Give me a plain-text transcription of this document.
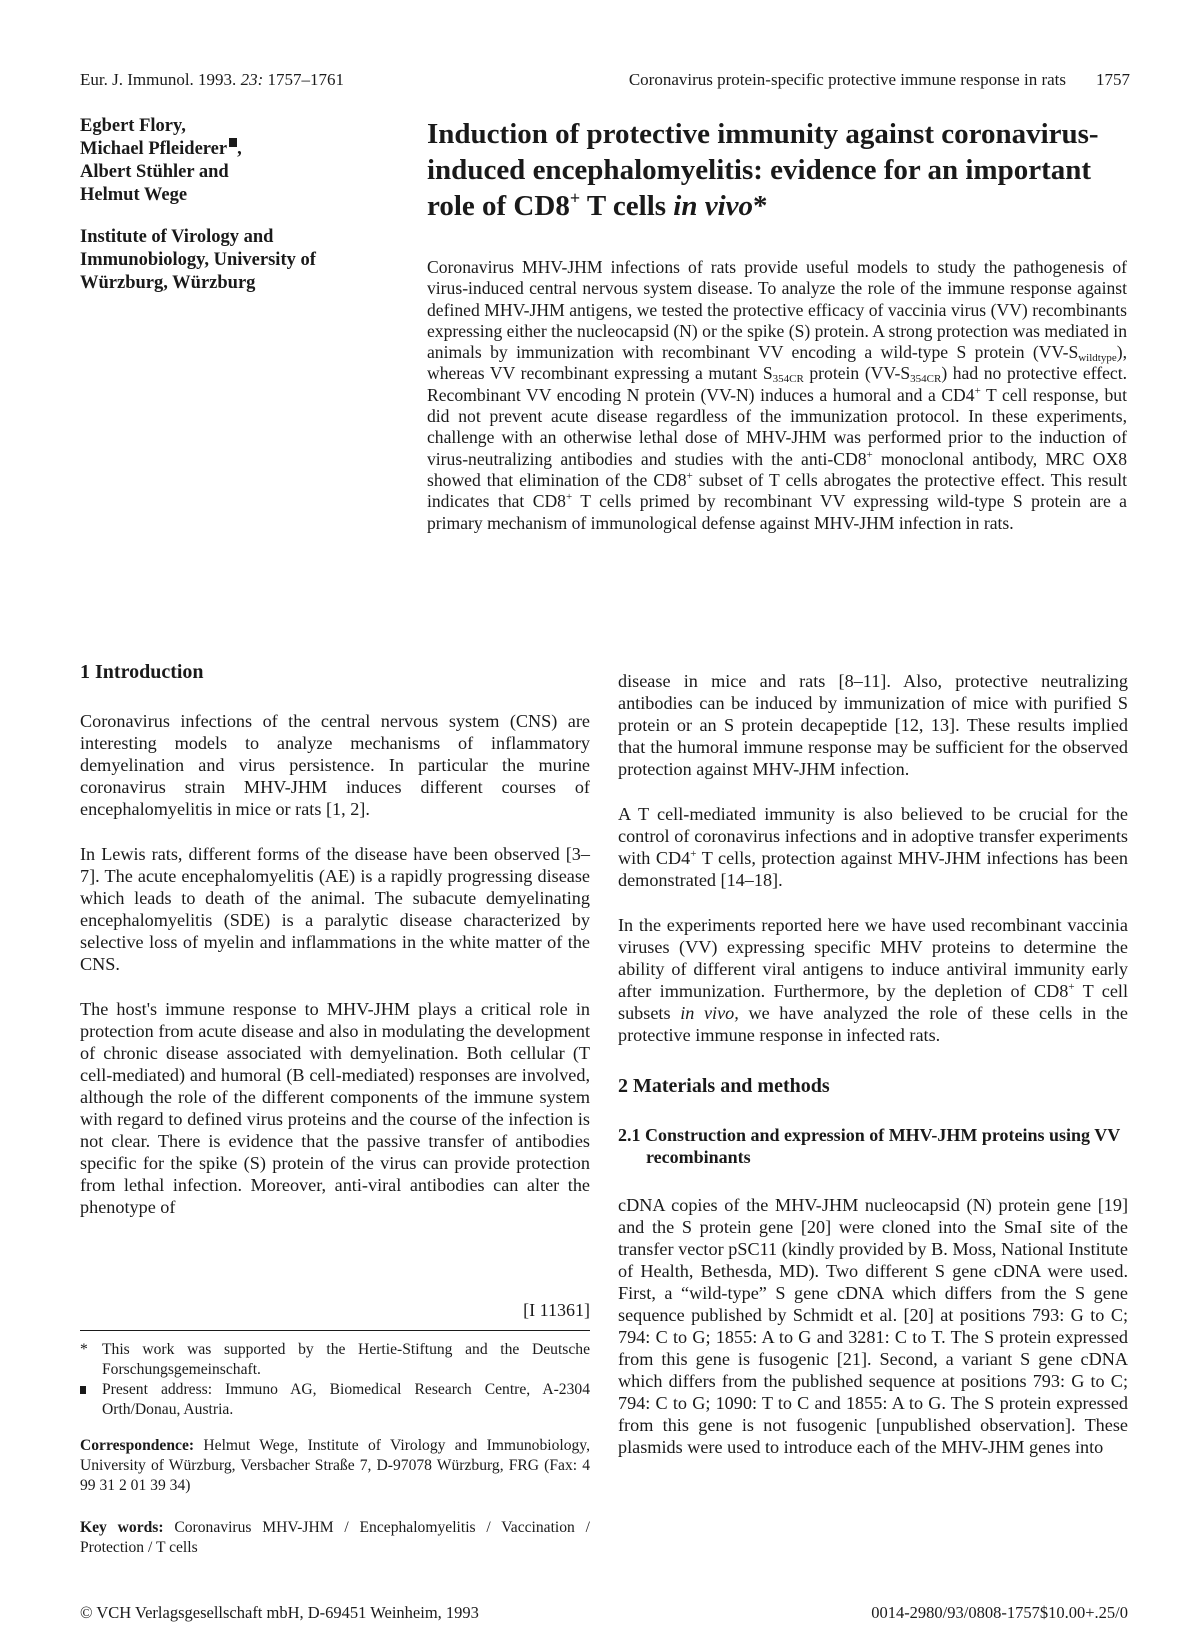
Eur. J. Immunol. 1993. 23: 1757–1761	Coronavirus protein-specific protective immune response in rats 1757
Egbert Flory,
Michael Pfleiderer ,
Albert Stühler and
Helmut Wege
Institute of Virology and
Immunobiology, University of
Würzburg, Würzburg
Induction of protective immunity against coronavirus-induced encephalomyelitis: evidence for an important role of CD8+ T cells in vivo*
Coronavirus MHV-JHM infections of rats provide useful models to study the pathogenesis of virus-induced central nervous system disease. To analyze the role of the immune response against defined MHV-JHM antigens, we tested the protective efficacy of vaccinia virus (VV) recombinants expressing either the nucleocapsid (N) or the spike (S) protein. A strong protection was mediated in animals by immunization with recombinant VV encoding a wild-type S protein $(VV-S_{wildtype})$, whereas VV recombinant expressing a mutant $S_{354CR}$ protein $(VV-S_{354CR})$ had no protective effect. Recombinant VV encoding N protein (VV-N) induces a humoral and a CD4+ T cell response, but did not prevent acute disease regardless of the immunization protocol. In these experiments, challenge with an otherwise lethal dose of MHV-JHM was performed prior to the induction of virus-neutralizing antibodies and studies with the anti-CD8+ monoclonal antibody, MRC OX8 showed that elimination of the CD8+ subset of T cells abrogates the protective effect. This result indicates that CD8+ T cells primed by recombinant VV expressing wild-type S protein are a primary mechanism of immunological defense against MHV-JHM infection in rats.
1 Introduction

Coronavirus infections of the central nervous system (CNS) are interesting models to analyze mechanisms of inflammatory demyelination and virus persistence. In particular the murine coronavirus strain MHV-JHM induces different courses of encephalomyelitis in mice or rats [1, 2].

In Lewis rats, different forms of the disease have been observed [3–7]. The acute encephalomyelitis (AE) is a rapidly progressing disease which leads to death of the animal. The subacute demyelinating encephalomyelitis (SDE) is a paralytic disease characterized by selective loss of myelin and inflammations in the white matter of the CNS.

The host's immune response to MHV-JHM plays a critical role in protection from acute disease and also in modulating the development of chronic disease associated with demyelination. Both cellular (T cell-mediated) and humoral (B cell-mediated) responses are involved, although the role of the different components of the immune system with regard to defined virus proteins and the course of the infection is not clear. There is evidence that the passive transfer of antibodies specific for the spike (S) protein of the virus can provide protection from lethal infection. Moreover, anti-viral antibodies can alter the phenotype of

disease in mice and rats [8–11]. Also, protective neutralizing antibodies can be induced by immunization of mice with purified S protein or an S protein decapeptide [12, 13]. These results implied that the humoral immune response may be sufficient for the observed protection against MHV-JHM infection.

A T cell-mediated immunity is also believed to be crucial for the control of coronavirus infections and in adoptive transfer experiments with CD4+ T cells, protection against MHV-JHM infections has been demonstrated [14–18].

In the experiments reported here we have used recombinant vaccinia viruses (VV) expressing specific MHV proteins to determine the ability of different viral antigens to induce antiviral immunity early after immunization. Furthermore, by the depletion of CD8+ T cell subsets in vivo, we have analyzed the role of these cells in the protective immune response in infected rats.

2 Materials and methods
2.1 Construction and expression of MHV-JHM proteins using VV recombinants

cDNA copies of the MHV-JHM nucleocapsid (N) protein gene [19] and the S protein gene [20] were cloned into the SmaI site of the transfer vector pSC11 (kindly provided by B. Moss, National Institute of Health, Bethesda, MD). Two different S gene cDNA were used. First, a “wild-type” S gene cDNA which differs from the S gene sequence published by Schmidt et al. [20] at positions 793: G to C; 794: C to G; 1855: A to G and 3281: C to T. The S protein expressed from this gene is fusogenic [21]. Second, a variant S gene cDNA which differs from the published sequence at positions 793: G to C; 794: C to G; 1090: T to C and 1855: A to G. The S protein expressed from this gene is not fusogenic [unpublished observation]. These plasmids were used to introduce each of the MHV-JHM genes into

[I 11361]

* This work was supported by the Hertie-Stiftung and the Deutsche Forschungsgemeinschaft.

Present address: Immuno AG, Biomedical Research Centre, A-2304 Orth/Donau, Austria.

Correspondence: Helmut Wege, Institute of Virology and Immunobiology, University of Würzburg, Versbacher Straße 7, D-97078 Würzburg, FRG (Fax: 4 99 31 2 01 39 34)
Key words: Coronavirus MHV-JHM / Encephalomyelitis / Vaccination / Protection / T cells
© VCH Verlagsgesellschaft mbH, D-69451 Weinheim, 1993	0014-2980/93/0808-1757$10.00+.25/0
